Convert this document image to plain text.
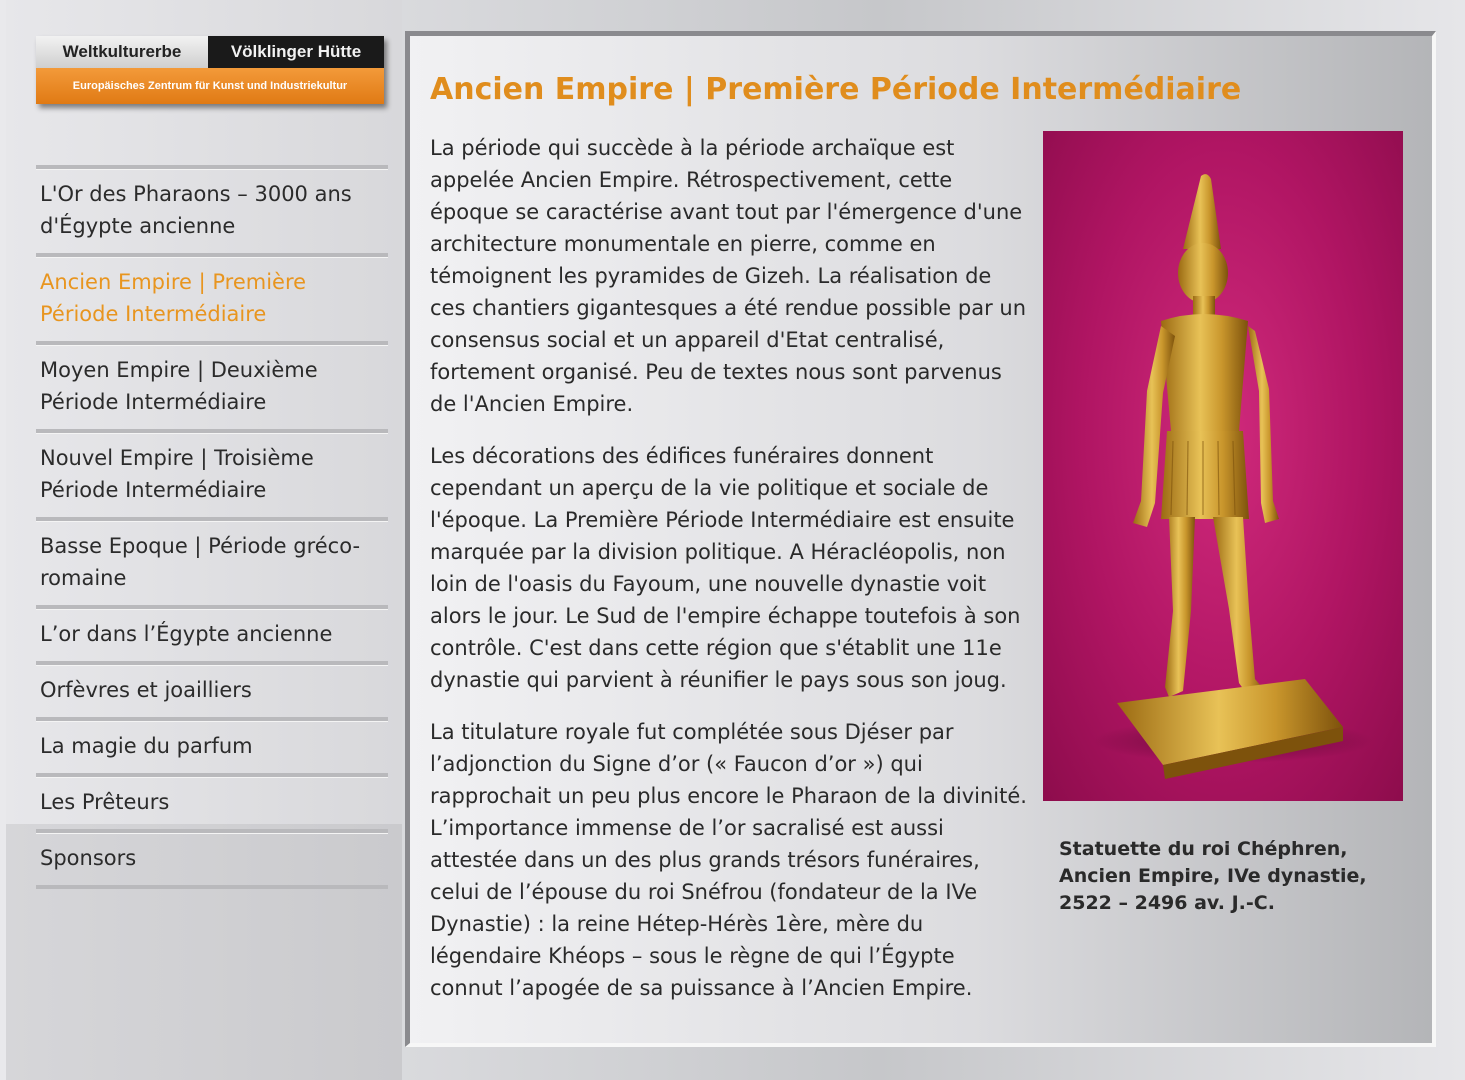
Weltkulturerbe	Völklinger Hütte
Europäisches Zentrum für Kunst und Industriekultur
L'Or des Pharaons – 3000 ans d'Égypte ancienne
Ancien Empire | Première Période Intermédiaire
Moyen Empire | Deuxième Période Intermédiaire
Nouvel Empire | Troisième Période Intermédiaire
Basse Epoque | Période gréco-romaine
L’or dans l’Égypte ancienne
Orfèvres et joailliers
La magie du parfum
Les Prêteurs
Sponsors
Ancien Empire | Première Période Intermédiaire

La période qui succède à la période archaïque est appelée Ancien Empire. Rétrospectivement, cette époque se caractérise avant tout par l'émergence d'une architecture monumentale en pierre, comme en témoignent les pyramides de Gizeh. La réalisation de ces chantiers gigantesques a été rendue possible par un consensus social et un appareil d'Etat centralisé, fortement organisé. Peu de textes nous sont parvenus de l'Ancien Empire.

Les décorations des édifices funéraires donnent cependant un aperçu de la vie politique et sociale de l'époque. La Première Période Intermédiaire est ensuite marquée par la division politique. A Héracléopolis, non loin de l'oasis du Fayoum, une nouvelle dynastie voit alors le jour. Le Sud de l'empire échappe toutefois à son contrôle. C'est dans cette région que s'établit une 11e dynastie qui parvient à réunifier le pays sous son joug.

La titulature royale fut complétée sous Djéser par l’adjonction du Signe d’or (« Faucon d’or ») qui rapprochait un peu plus encore le Pharaon de la divinité. L’importance immense de l’or sacralisé est aussi attestée dans un des plus grands trésors funéraires, celui de l’épouse du roi Snéfrou (fondateur de la IVe Dynastie) : la reine Hétep-Hérès 1ère, mère du légendaire Khéops – sous le règne de qui l’Égypte connut l’apogée de sa puissance à l’Ancien Empire.

Statuette du roi Chéphren, Ancien Empire, IVe dynastie, 2522 – 2496 av. J.-C.
